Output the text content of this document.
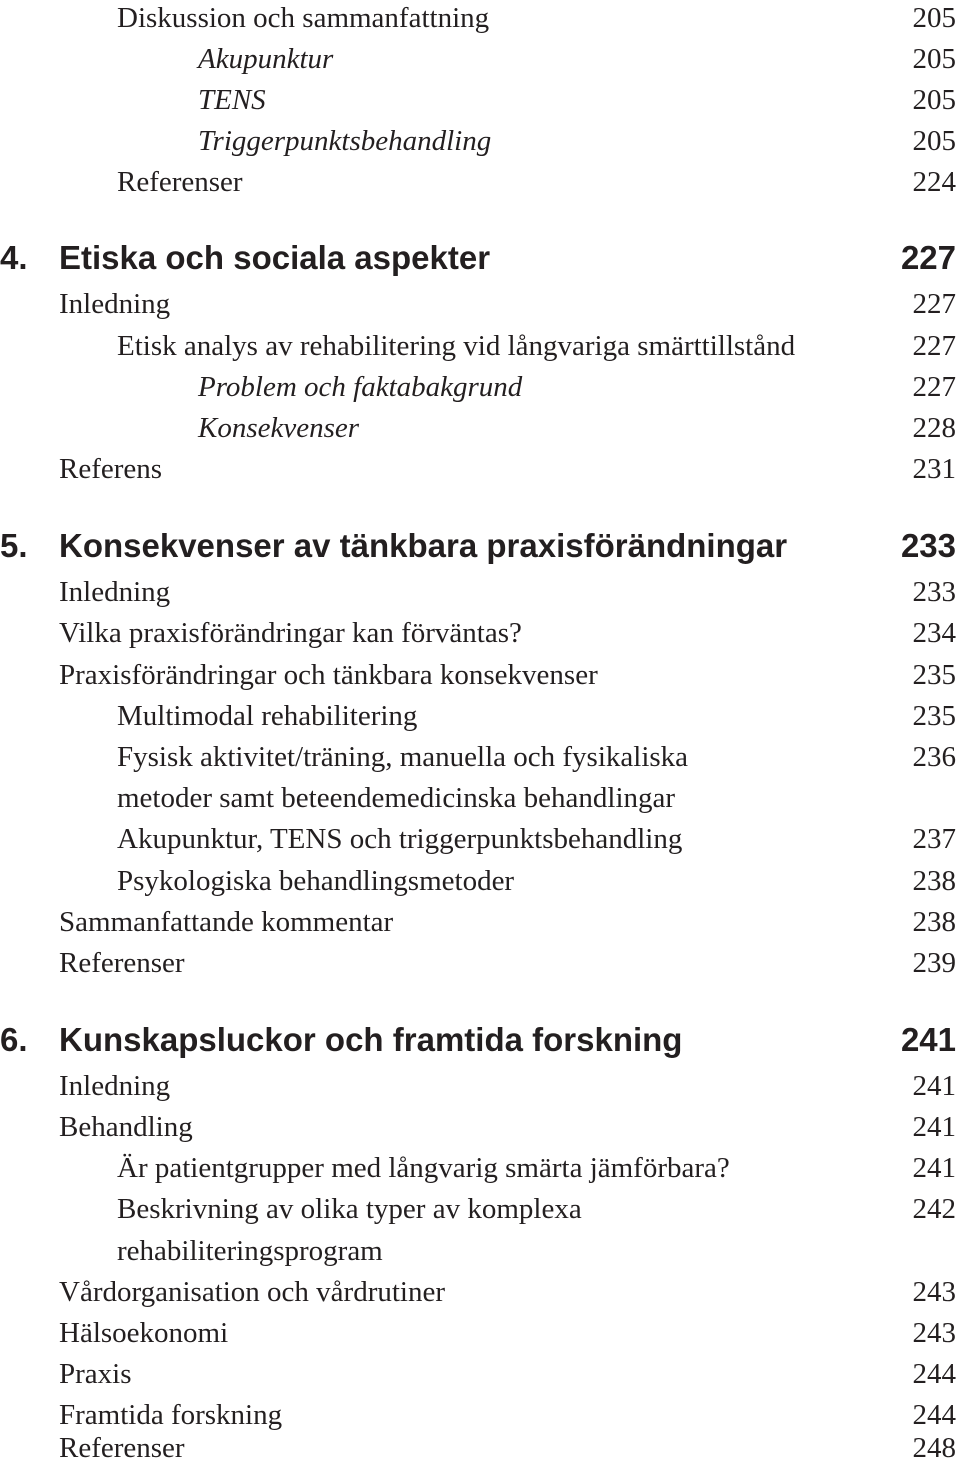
Diskussion och sammanfattning	205
Akupunktur	205
TENS	205
Triggerpunktsbehandling	205
Referenser	224
4. Etiska och sociala aspekter	227
Inledning	227
Etisk analys av rehabilitering vid långvariga smärttillstånd	227
Problem och faktabakgrund	227
Konsekvenser	228
Referens	231
5. Konsekvenser av tänkbara praxisförändningar	233
Inledning	233
Vilka praxisförändringar kan förväntas?	234
Praxisförändringar och tänkbara konsekvenser	235
Multimodal rehabilitering	235
Fysisk aktivitet/träning, manuella och fysikaliska	236
metoder samt beteendemedicinska behandlingar
Akupunktur, TENS och triggerpunktsbehandling	237
Psykologiska behandlingsmetoder	238
Sammanfattande kommentar	238
Referenser	239
6. Kunskapsluckor och framtida forskning	241
Inledning	241
Behandling	241
Är patientgrupper med långvarig smärta jämförbara?	241
Beskrivning av olika typer av komplexa	242
rehabiliteringsprogram
Vårdorganisation och vårdrutiner	243
Hälsoekonomi	243
Praxis	244
Framtida forskning	244
Referenser	248
